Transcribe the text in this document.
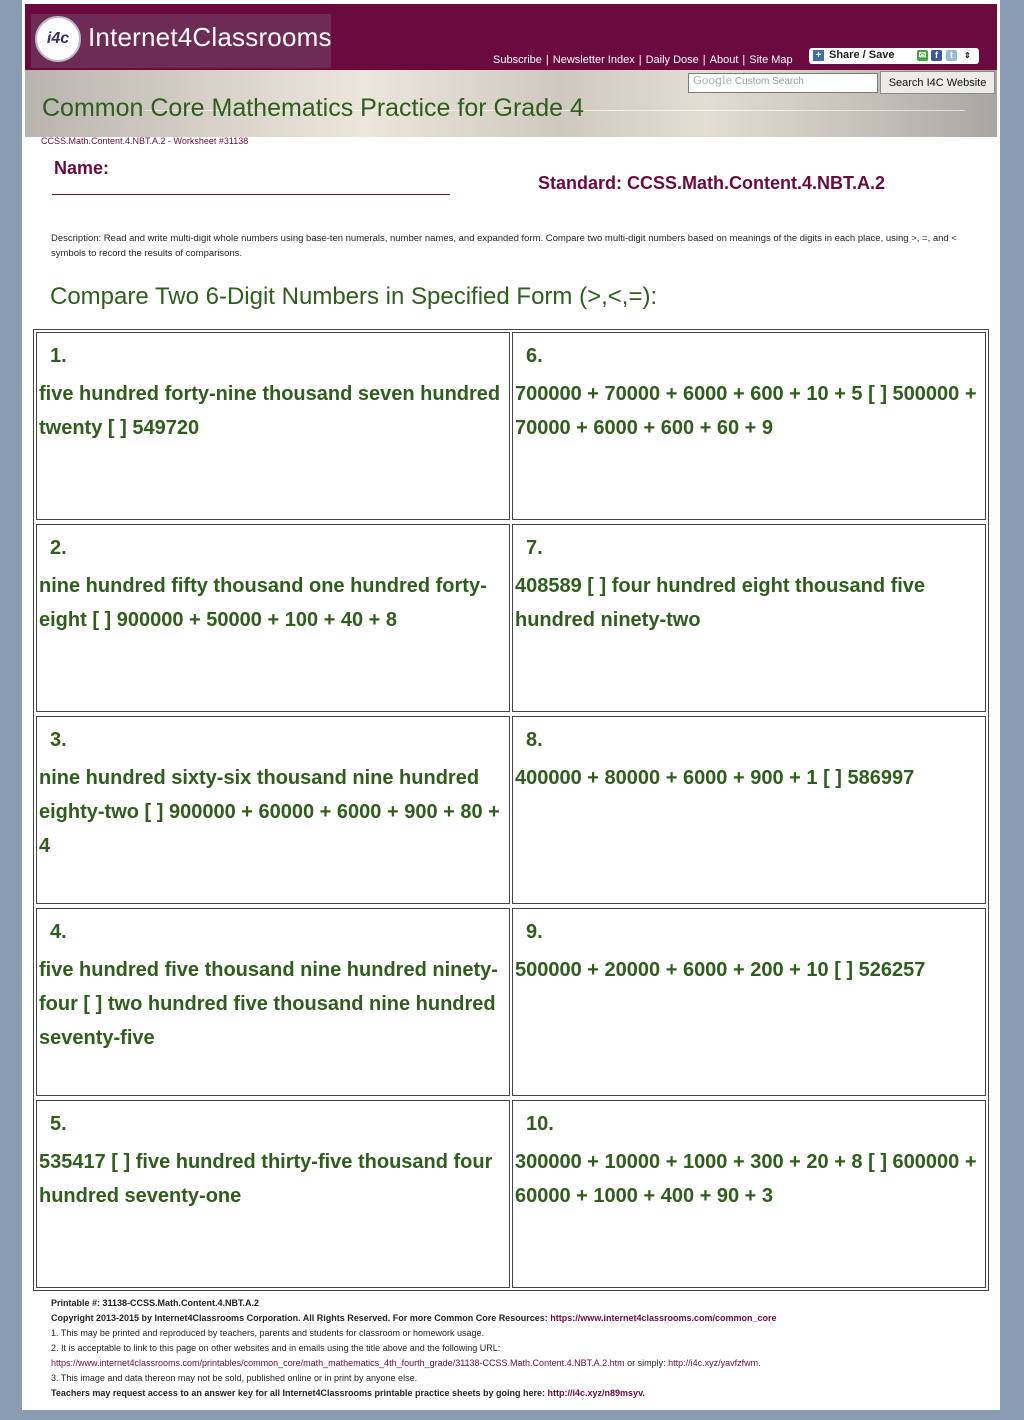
i4c Internet4Classrooms
Subscribe | Newsletter Index | Daily Dose | About | Site Map + Share / Save	✉ f	t	⇕
Google Custom Search	Search I4C Website
Common Core Mathematics Practice for Grade 4
CCSS.Math.Content.4.NBT.A.2 - Worksheet #31138
Name:
Standard: CCSS.Math.Content.4.NBT.A.2
Description: Read and write multi-digit whole numbers using base-ten numerals, number names, and expanded form. Compare two multi-digit numbers based on meanings of the digits in each place, using >, =, and < symbols to record the results of comparisons.
Compare Two 6-Digit Numbers in Specified Form (>,<,=):
1.
five hundred forty-nine thousand seven hundred twenty [ ] 549720
6.
700000 + 70000 + 6000 + 600 + 10 + 5 [ ] 500000 + 70000 + 6000 + 600 + 60 + 9
2.
nine hundred fifty thousand one hundred forty-eight [ ] 900000 + 50000 + 100 + 40 + 8
7.
408589 [ ] four hundred eight thousand five hundred ninety-two
3.
nine hundred sixty-six thousand nine hundred eighty-two [ ] 900000 + 60000 + 6000 + 900 + 80 + 4
8.
400000 + 80000 + 6000 + 900 + 1 [ ] 586997
4.
five hundred five thousand nine hundred ninety-four [ ] two hundred five thousand nine hundred seventy-five
9.
500000 + 20000 + 6000 + 200 + 10 [ ] 526257
5.
535417 [ ] five hundred thirty-five thousand four hundred seventy-one
10.
300000 + 10000 + 1000 + 300 + 20 + 8 [ ] 600000 + 60000 + 1000 + 400 + 90 + 3
Printable #: 31138-CCSS.Math.Content.4.NBT.A.2
Copyright 2013-2015 by Internet4Classrooms Corporation. All Rights Reserved. For more Common Core Resources: https://www.internet4classrooms.com/common_core
1. This may be printed and reproduced by teachers, parents and students for classroom or homework usage.
2. It is acceptable to link to this page on other websites and in emails using the title above and the following URL:
https://www.internet4classrooms.com/printables/common_core/math_mathematics_4th_fourth_grade/31138-CCSS.Math.Content.4.NBT.A.2.htm or simply: http://i4c.xyz/yavfzfwm.
3. This image and data thereon may not be sold, published online or in print by anyone else.
Teachers may request access to an answer key for all Internet4Classrooms printable practice sheets by going here: http://i4c.xyz/n89msyv.
